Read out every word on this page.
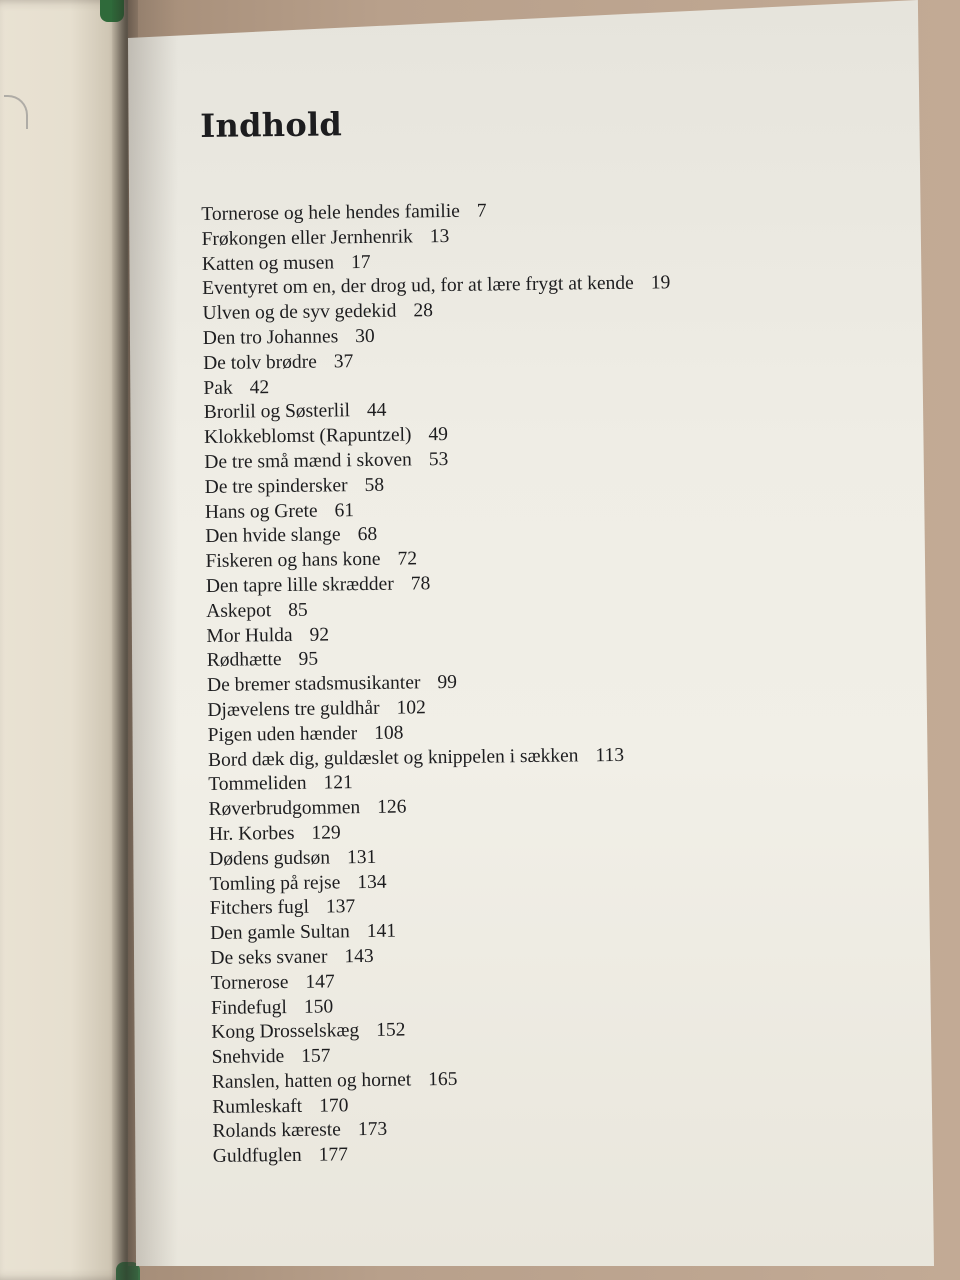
Indhold
Tornerose og hele hendes familie 7
Frøkongen eller Jernhenrik 13
Katten og musen 17
Eventyret om en, der drog ud, for at lære frygt at kende 19
Ulven og de syv gedekid 28
Den tro Johannes 30
De tolv brødre 37
Pak 42
Brorlil og Søsterlil 44
Klokkeblomst (Rapuntzel) 49
De tre små mænd i skoven 53
De tre spindersker 58
Hans og Grete 61
Den hvide slange 68
Fiskeren og hans kone 72
Den tapre lille skrædder 78
Askepot 85
Mor Hulda 92
Rødhætte 95
De bremer stadsmusikanter 99
Djævelens tre guldhår 102
Pigen uden hænder 108
Bord dæk dig, guldæslet og knippelen i sækken 113
Tommeliden 121
Røverbrudgommen 126
Hr. Korbes 129
Dødens gudsøn 131
Tomling på rejse 134
Fitchers fugl 137
Den gamle Sultan 141
De seks svaner 143
Tornerose 147
Findefugl 150
Kong Drosselskæg 152
Snehvide 157
Ranslen, hatten og hornet 165
Rumleskaft 170
Rolands kæreste 173
Guldfuglen 177
